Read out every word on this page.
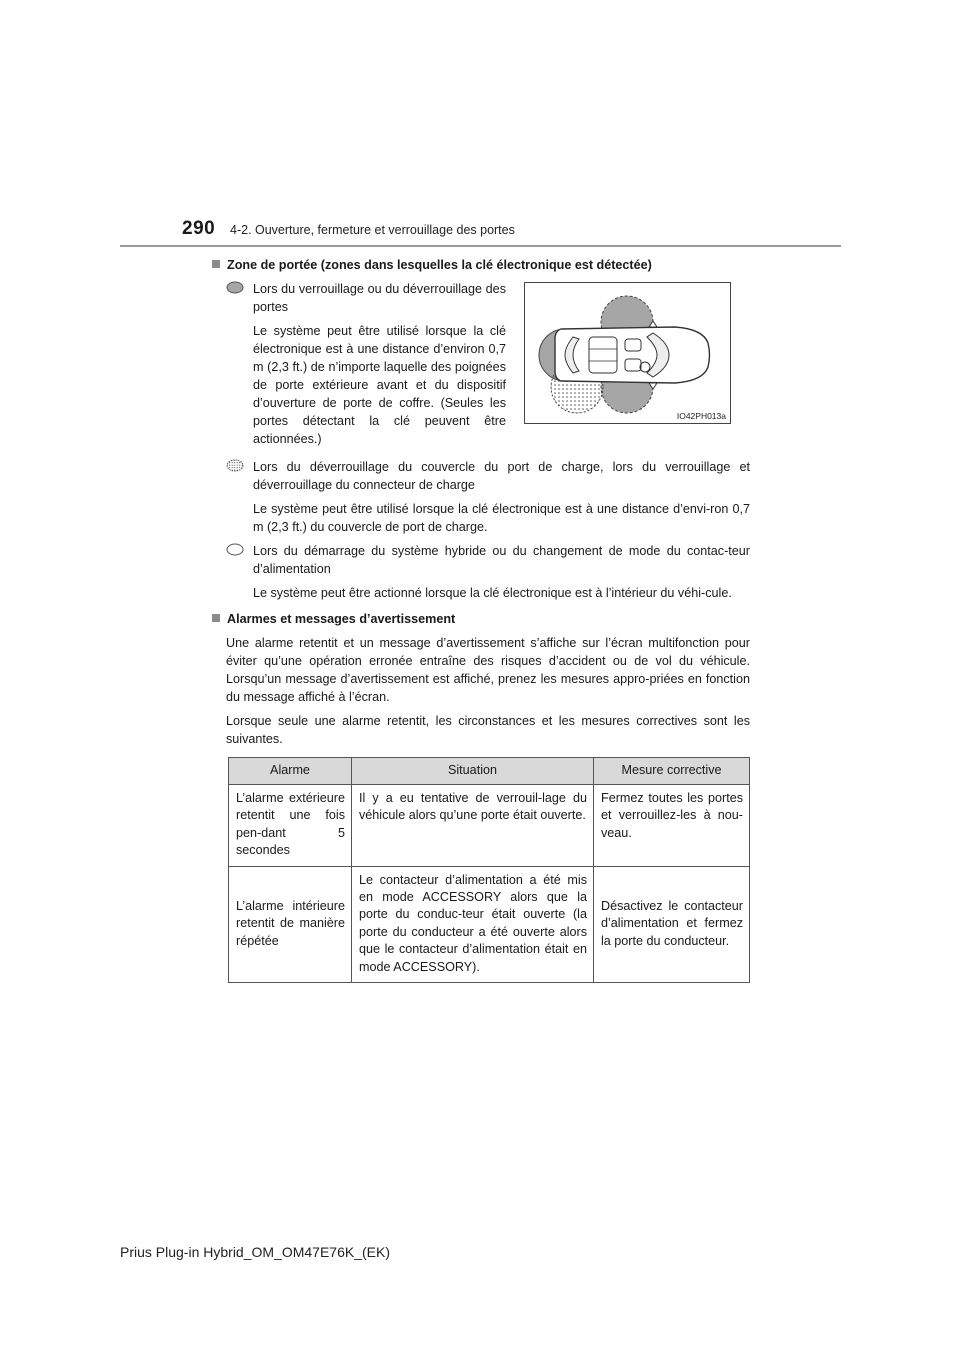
290 4-2. Ouverture, fermeture et verrouillage des portes
Zone de portée (zones dans lesquelles la clé électronique est détectée)

Lors du verrouillage ou du déverrouillage des portes

Le système peut être utilisé lorsque la clé électronique est à une distance d’environ 0,7 m (2,3 ft.) de n’importe laquelle des poignées de porte extérieure avant et du dispositif d’ouverture de porte de coffre. (Seules les portes détectant la clé peuvent être actionnées.)

Lors du déverrouillage du couvercle du port de charge, lors du verrouillage et déverrouillage du connecteur de charge

Le système peut être utilisé lorsque la clé électronique est à une distance d’envi-ron 0,7 m (2,3 ft.) du couvercle de port de charge.

Lors du démarrage du système hybride ou du changement de mode du contac-teur d’alimentation

Le système peut être actionné lorsque la clé électronique est à l’intérieur du véhi-cule.

Alarmes et messages d’avertissement

Une alarme retentit et un message d’avertissement s’affiche sur l’écran multifonction pour éviter qu’une opération erronée entraîne des risques d’accident ou de vol du véhicule. Lorsqu’un message d’avertissement est affiché, prenez les mesures appro-priées en fonction du message affiché à l’écran.

Lorsque seule une alarme retentit, les circonstances et les mesures correctives sont les suivantes.

IO42PH013a
Alarme	Situation	Mesure corrective
L’alarme extérieure retentit une fois pen-dant 5 secondes	Il y a eu tentative de verrouil-lage du véhicule alors qu’une porte était ouverte.	Fermez toutes les portes et verrouillez-les à nou-veau.
L’alarme intérieure retentit de manière répétée	Le contacteur d’alimentation a été mis en mode ACCESSORY alors que la porte du conduc-teur était ouverte (la porte du conducteur a été ouverte alors que le contacteur d’alimentation était en mode ACCESSORY).	Désactivez le contacteur d’alimentation et fermez la porte du conducteur.
Prius Plug-in Hybrid_OM_OM47E76K_(EK)
